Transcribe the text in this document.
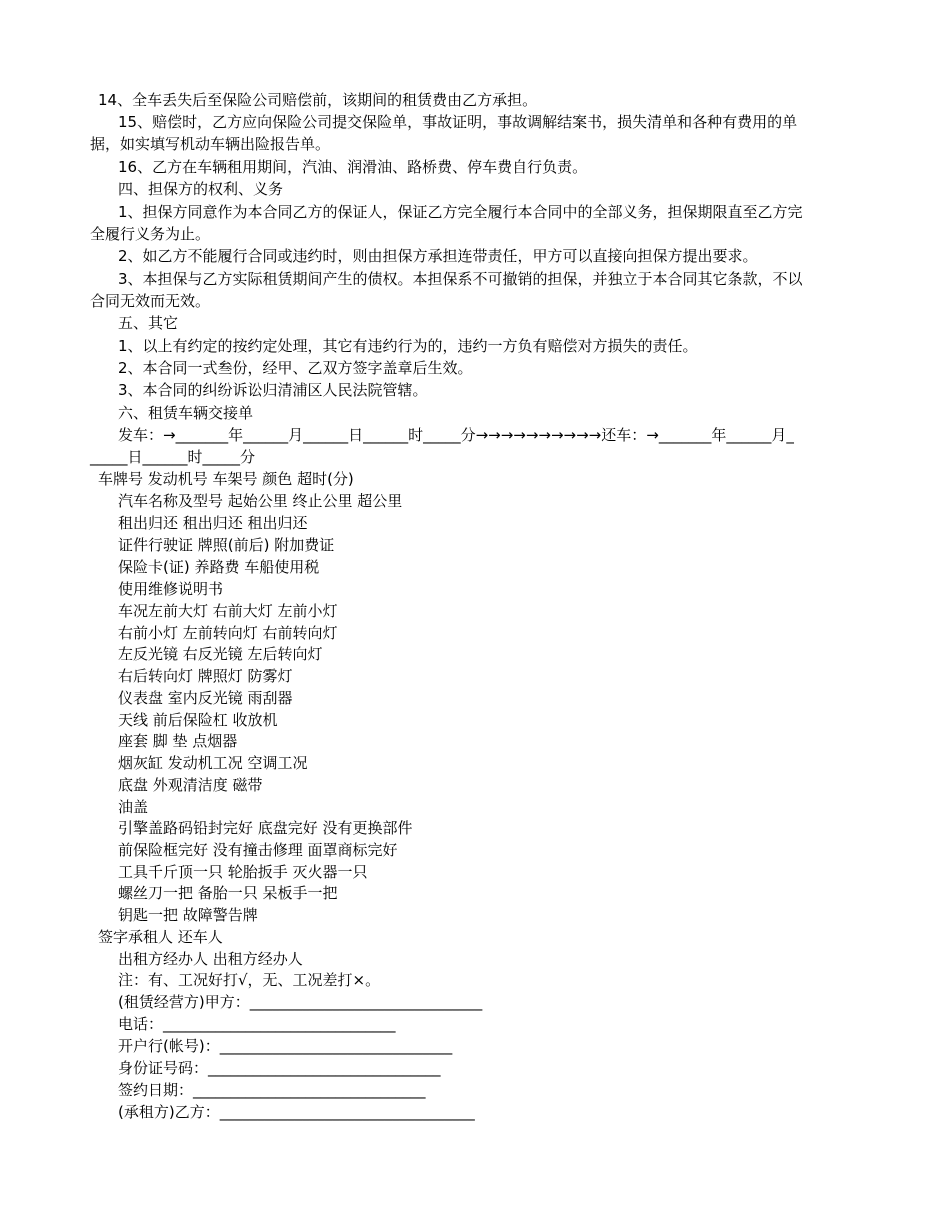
14、全车丢失后至保险公司赔偿前，该期间的租赁费由乙方承担。
15、赔偿时，乙方应向保险公司提交保险单，事故证明，事故调解结案书，损失清单和各种有费用的单
据，如实填写机动车辆出险报告单。
16、乙方在车辆租用期间，汽油、润滑油、路桥费、停车费自行负责。
四、担保方的权利、义务
1、担保方同意作为本合同乙方的保证人，保证乙方完全履行本合同中的全部义务，担保期限直至乙方完
全履行义务为止。
2、如乙方不能履行合同或违约时，则由担保方承担连带责任，甲方可以直接向担保方提出要求。
3、本担保与乙方实际租赁期间产生的债权。本担保系不可撤销的担保，并独立于本合同其它条款，不以
合同无效而无效。
五、其它
1、以上有约定的按约定处理，其它有违约行为的，违约一方负有赔偿对方损失的责任。
2、本合同一式叁份，经甲、乙双方签字盖章后生效。
3、本合同的纠纷诉讼归清浦区人民法院管辖。
六、租赁车辆交接单
发车：→_______年______月______日______时_____分→→→→→→→→→→还车：→_______年______月_
_____日______时_____分
车牌号 发动机号 车架号 颜色 超时(分)
汽车名称及型号 起始公里 终止公里 超公里
租出归还 租出归还 租出归还
证件行驶证 牌照(前后) 附加费证
保险卡(证) 养路费 车船使用税
使用维修说明书
车况左前大灯 右前大灯 左前小灯
右前小灯 左前转向灯 右前转向灯
左反光镜 右反光镜 左后转向灯
右后转向灯 牌照灯 防雾灯
仪表盘 室内反光镜 雨刮器
天线 前后保险杠 收放机
座套 脚 垫 点烟器
烟灰缸 发动机工况 空调工况
底盘 外观清洁度 磁带
油盖
引擎盖路码铅封完好 底盘完好 没有更换部件
前保险框完好 没有撞击修理 面罩商标完好
工具千斤顶一只 轮胎扳手 灭火器一只
螺丝刀一把 备胎一只 呆板手一把
钥匙一把 故障警告牌
签字承租人 还车人
出租方经办人 出租方经办人
注：有、工况好打√，无、工况差打×。
(租赁经营方)甲方：_______________________________
电话：_______________________________
开户行(帐号)：_______________________________
身份证号码：_______________________________
签约日期：_______________________________
(承租方)乙方：__________________________________
